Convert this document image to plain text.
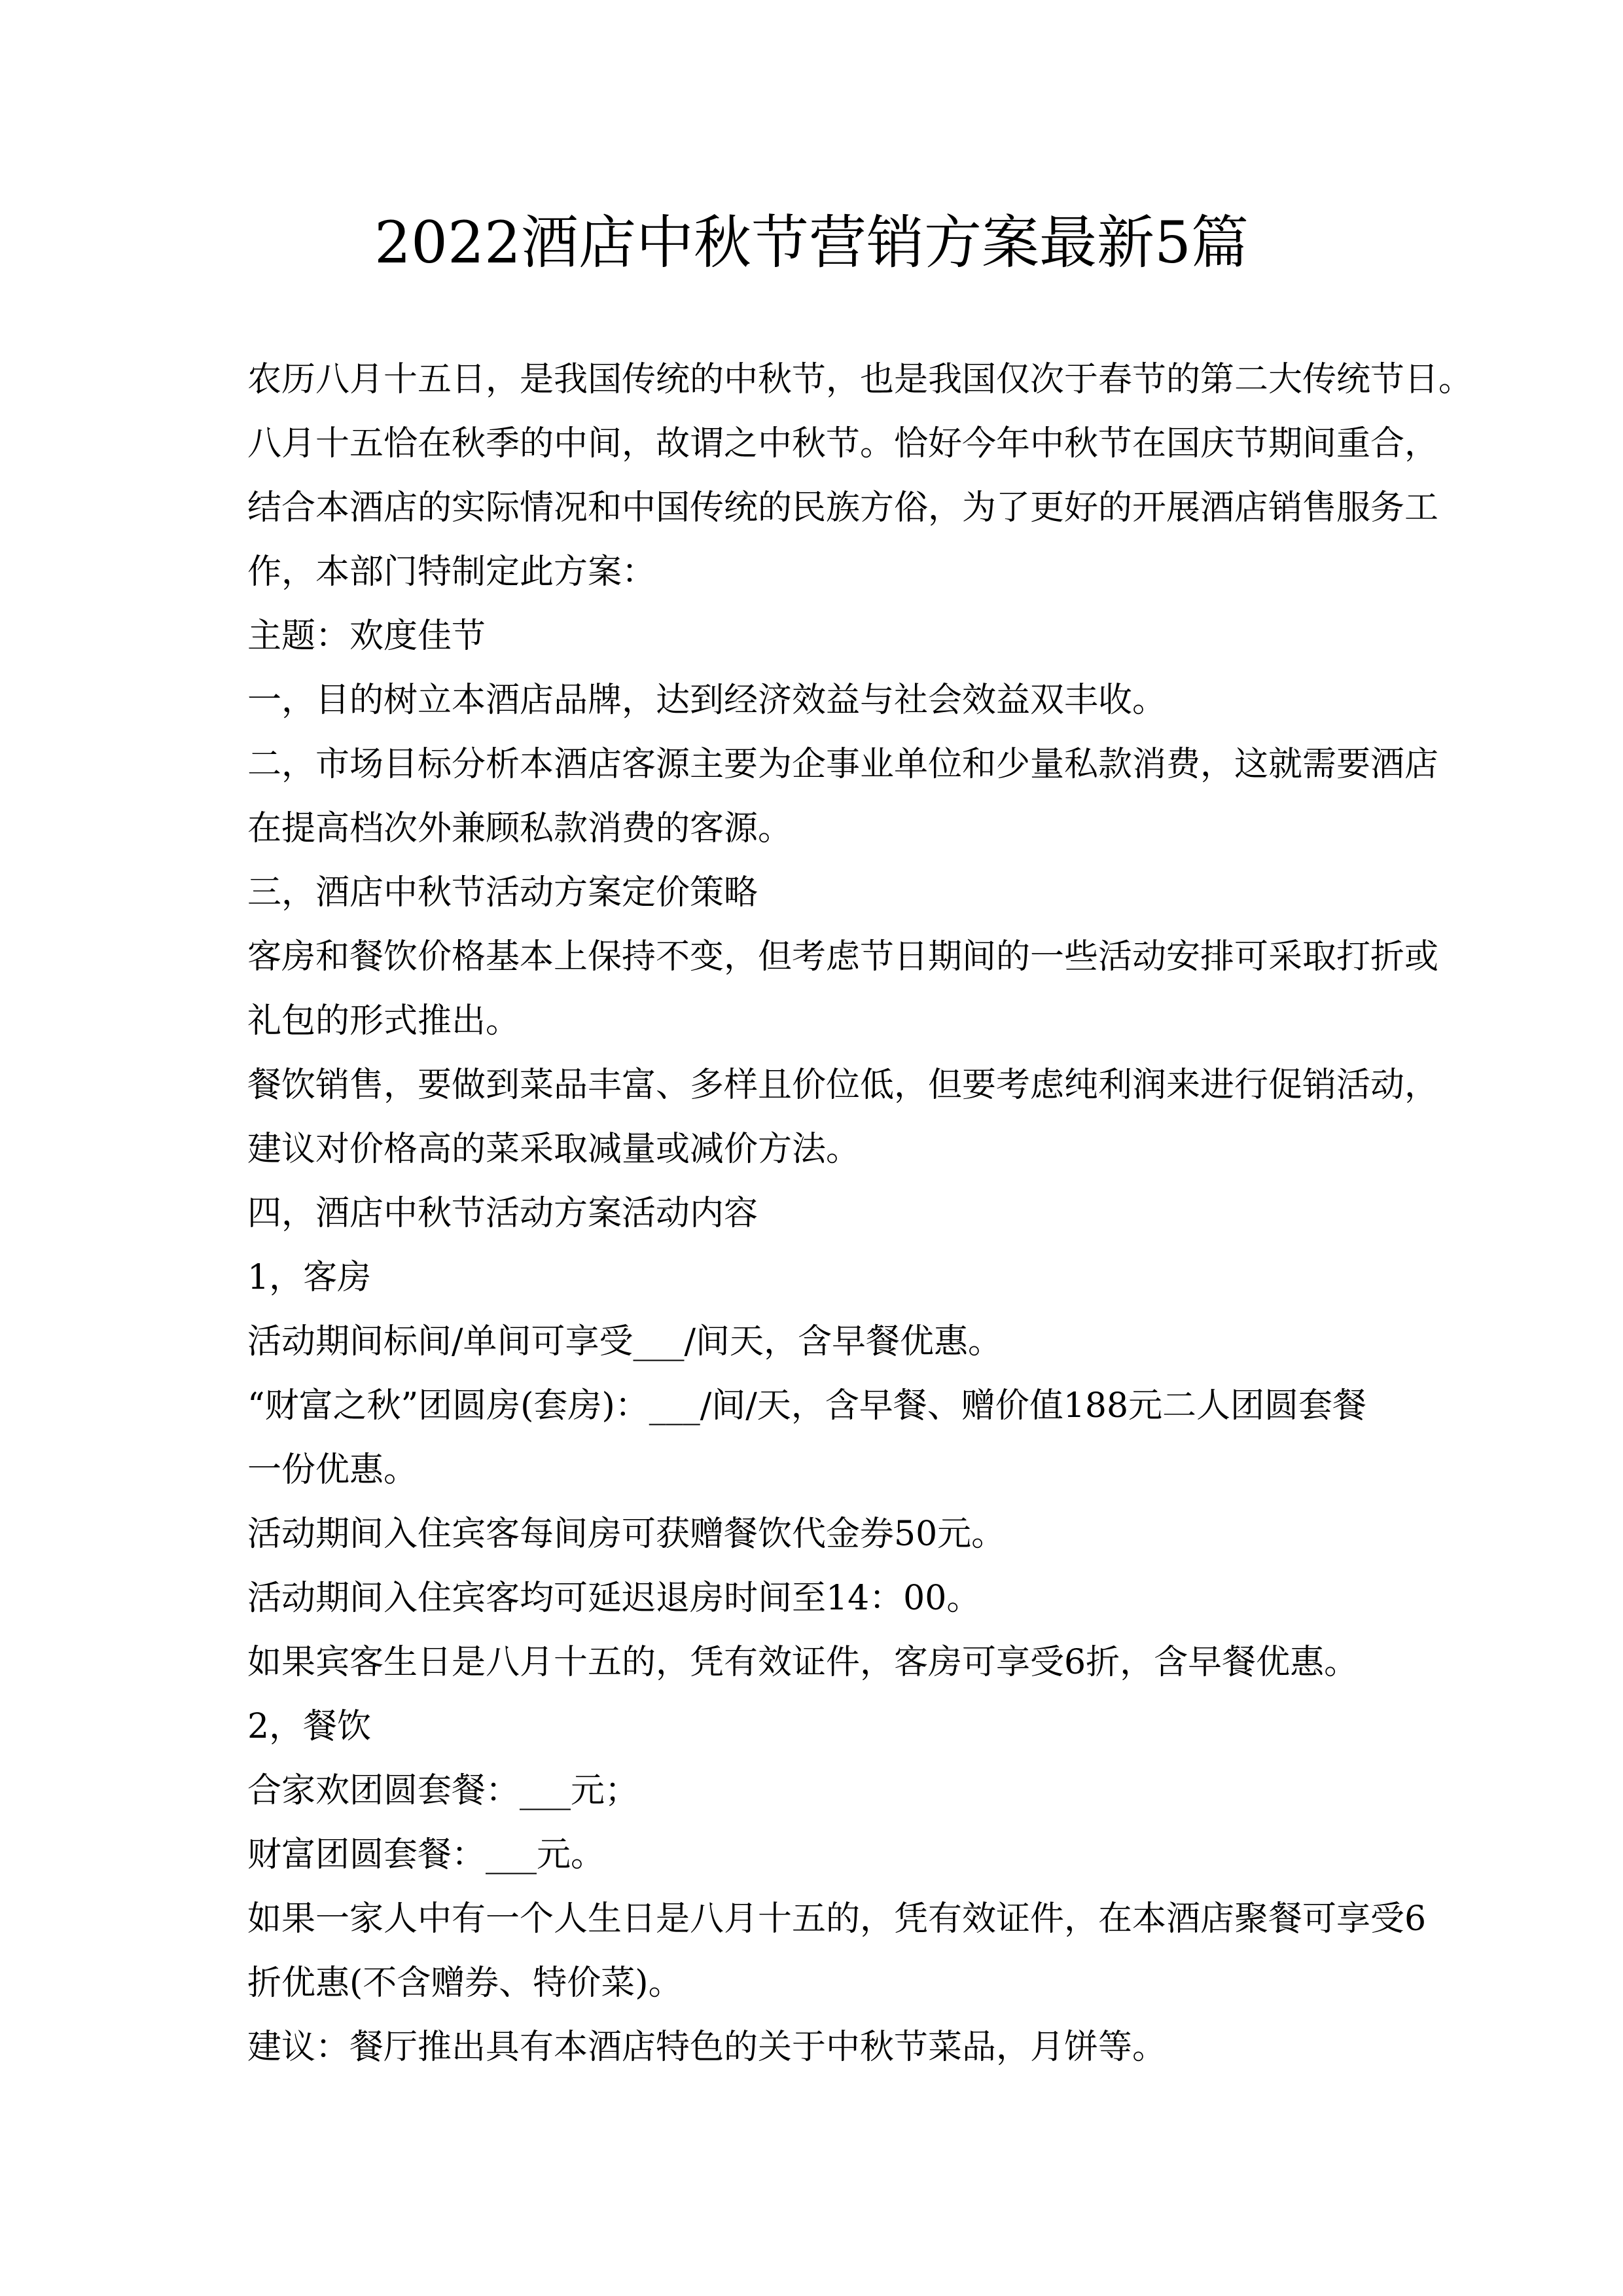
2022酒店中秋节营销方案最新5篇
农历八月十五日，是我国传统的中秋节，也是我国仅次于春节的第二大传统节日。
八月十五恰在秋季的中间，故谓之中秋节。恰好今年中秋节在国庆节期间重合，
结合本酒店的实际情况和中国传统的民族方俗，为了更好的开展酒店销售服务工
作，本部门特制定此方案：
主题：欢度佳节
一，目的树立本酒店品牌，达到经济效益与社会效益双丰收。
二，市场目标分析本酒店客源主要为企事业单位和少量私款消费，这就需要酒店
在提高档次外兼顾私款消费的客源。
三，酒店中秋节活动方案定价策略
客房和餐饮价格基本上保持不变，但考虑节日期间的一些活动安排可采取打折或
礼包的形式推出。
餐饮销售，要做到菜品丰富、多样且价位低，但要考虑纯利润来进行促销活动，
建议对价格高的菜采取减量或减价方法。
四，酒店中秋节活动方案活动内容
1，客房
活动期间标间/单间可享受___/间天，含早餐优惠。
“财富之秋”团圆房(套房)：___/间/天，含早餐、赠价值188元二人团圆套餐
一份优惠。
活动期间入住宾客每间房可获赠餐饮代金券50元。
活动期间入住宾客均可延迟退房时间至14：00。
如果宾客生日是八月十五的，凭有效证件，客房可享受6折，含早餐优惠。
2，餐饮
合家欢团圆套餐：___元；
财富团圆套餐：___元。
如果一家人中有一个人生日是八月十五的，凭有效证件，在本酒店聚餐可享受6
折优惠(不含赠券、特价菜)。
建议：餐厅推出具有本酒店特色的关于中秋节菜品，月饼等。
